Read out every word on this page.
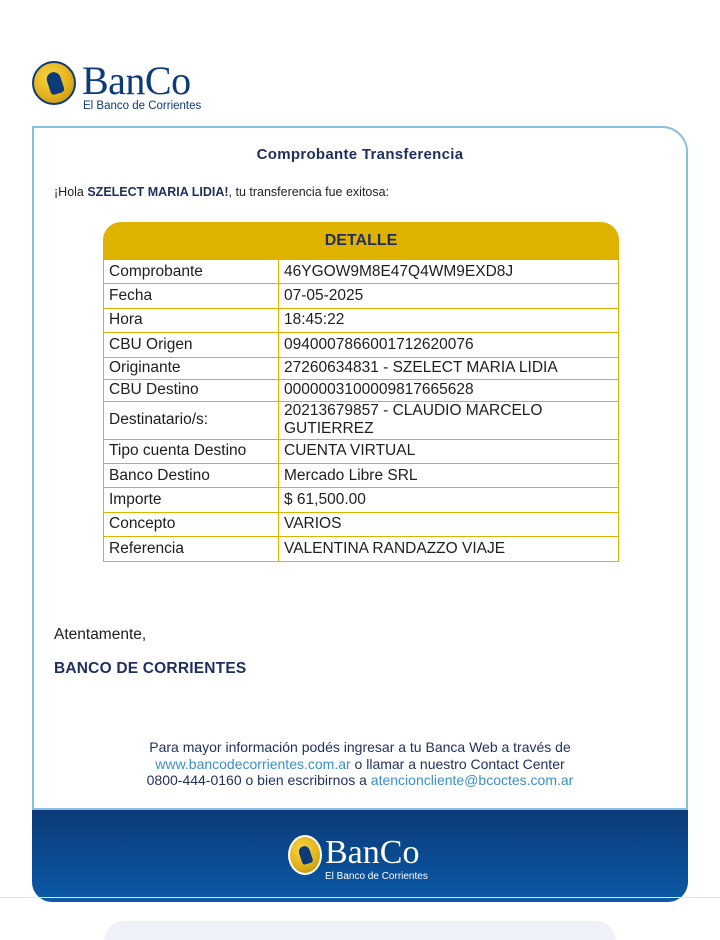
BanCo
El Banco de Corrientes
Comprobante Transferencia
¡Hola SZELECT MARIA LIDIA!, tu transferencia fue exitosa:
DETALLE
Comprobante	46YGOW9M8E47Q4WM9EXD8J
Fecha	07-05-2025
Hora	18:45:22
CBU Origen	0940007866001712620076
Originante	27260634831 - SZELECT MARIA LIDIA
CBU Destino	0000003100009817665628
Destinatario/s:	20213679857 - CLAUDIO MARCELO GUTIERREZ
Tipo cuenta Destino	CUENTA VIRTUAL
Banco Destino	Mercado Libre SRL
Importe	$ 61,500.00
Concepto	VARIOS
Referencia	VALENTINA RANDAZZO VIAJE
Atentamente,
BANCO DE CORRIENTES
Para mayor información podés ingresar a tu Banca Web a través de
www.bancodecorrientes.com.ar o llamar a nuestro Contact Center
0800-444-0160 o bien escribirnos a atencioncliente@bcoctes.com.ar
BanCo
El Banco de Corrientes
